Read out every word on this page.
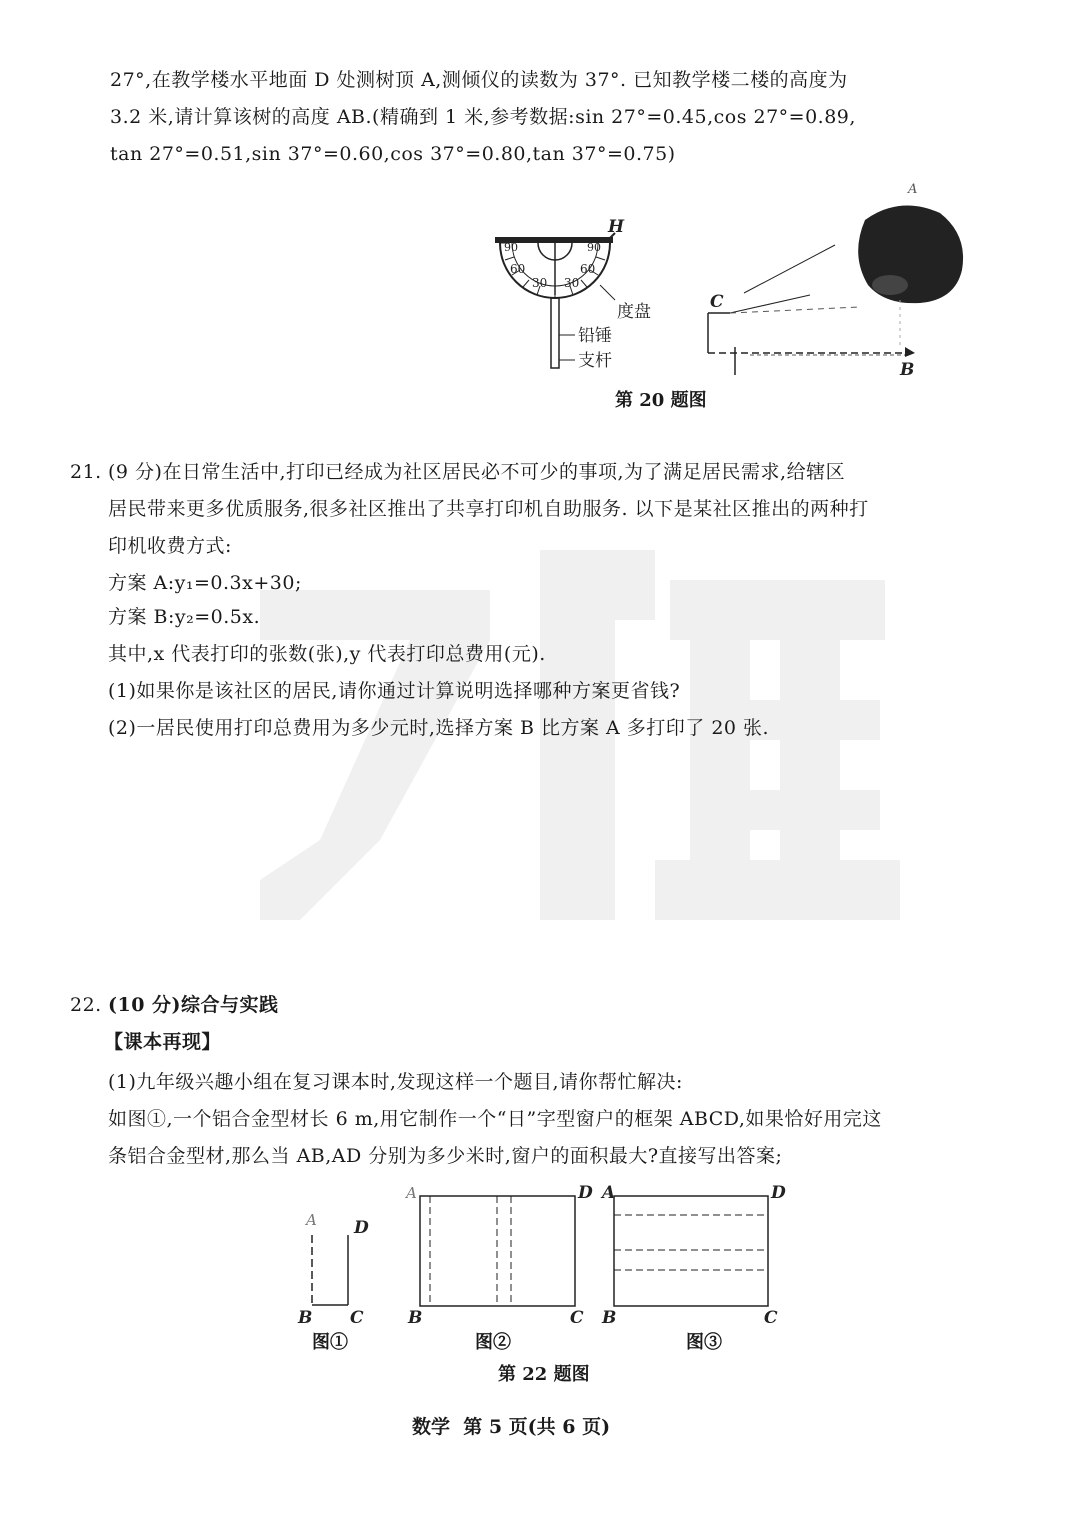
27°,在教学楼水平地面 D 处测树顶 A,测倾仪的读数为 37°. 已知教学楼二楼的高度为
3.2 米,请计算该树的高度 AB.(精确到 1 米,参考数据:sin 27°=0.45,cos 27°=0.89,
tan 27°=0.51,sin 37°=0.60,cos 37°=0.80,tan 37°=0.75)
H
90
60
30 30
60
90
度盘
铅锤
支杆
A
C
B
第 20 题图
21. (9 分)在日常生活中,打印已经成为社区居民必不可少的事项,为了满足居民需求,给辖区
居民带来更多优质服务,很多社区推出了共享打印机自助服务. 以下是某社区推出的两种打
印机收费方式:
方案 A:y₁=0.3x+30;
方案 B:y₂=0.5x.
其中,x 代表打印的张数(张),y 代表打印总费用(元).
(1)如果你是该社区的居民,请你通过计算说明选择哪种方案更省钱?
(2)一居民使用打印总费用为多少元时,选择方案 B 比方案 A 多打印了 20 张.
22. (10 分)综合与实践
【课本再现】
(1)九年级兴趣小组在复习课本时,发现这样一个题目,请你帮忙解决:
如图①,一个铝合金型材长 6 m,用它制作一个“日”字型窗户的框架 ABCD,如果恰好用完这
条铝合金型材,那么当 AB,AD 分别为多少米时,窗户的面积最大?直接写出答案;
A D
B C
图①
A	D
B	C
图②
A	D
B	C
图③
第 22 题图
数学  第 5 页(共 6 页)
